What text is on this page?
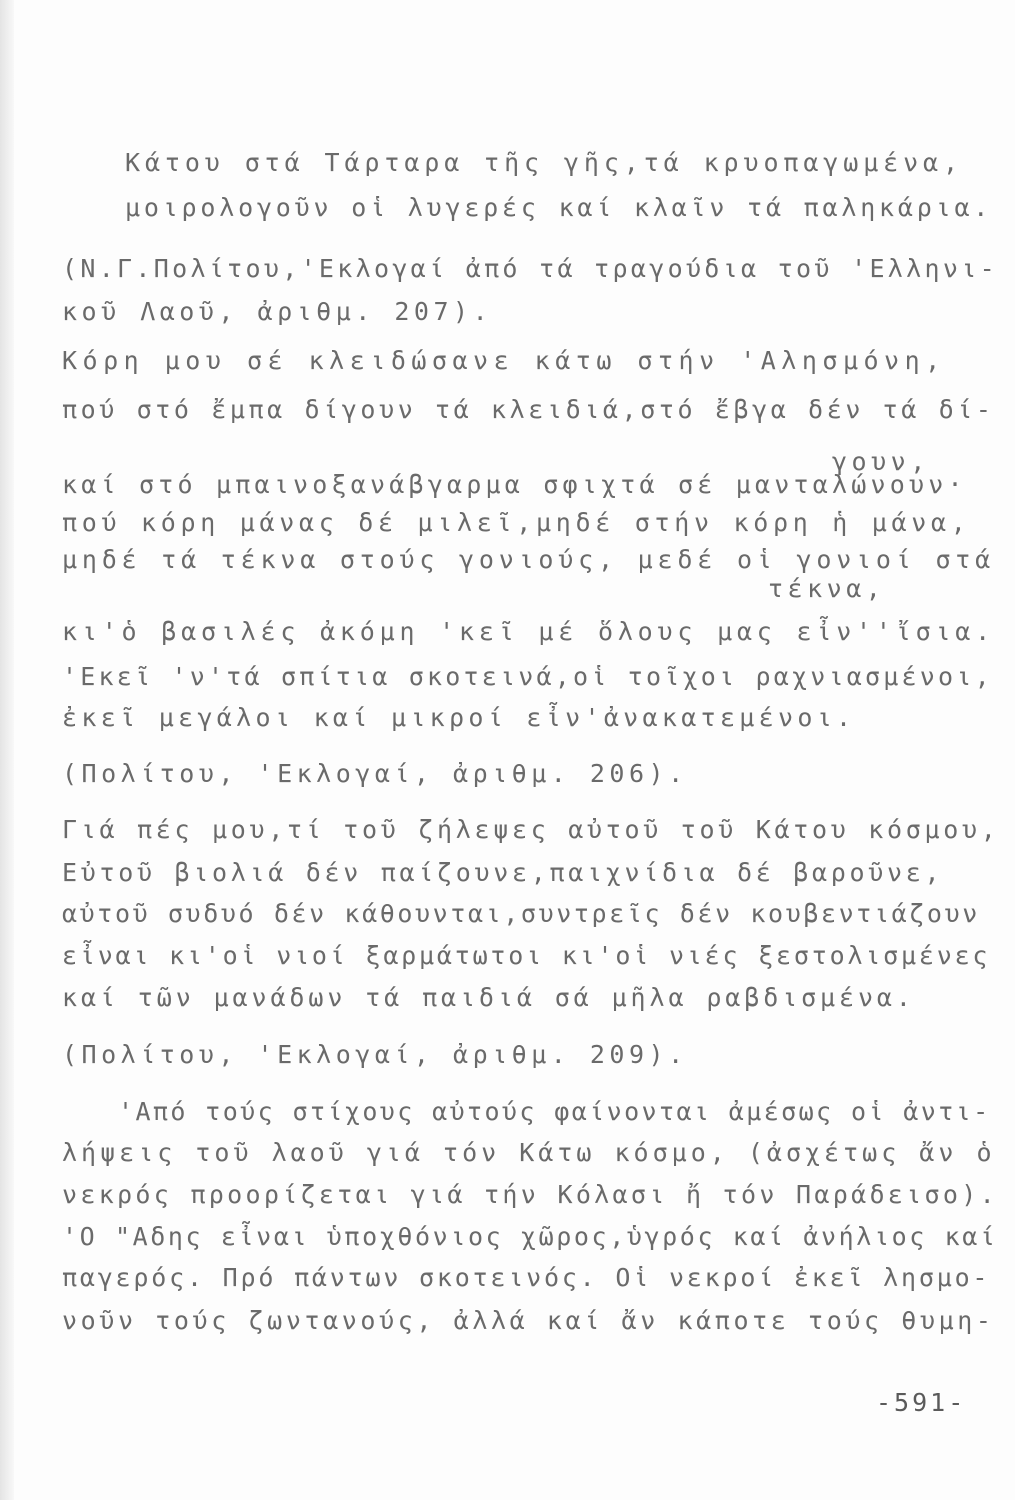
Κάτου στά Τάρταρα τῆς γῆς,τά κρυοπαγωμένα,
μοιρολογοῦν οἱ λυγερές καί κλαῖν τά παληκάρια.
(Ν.Γ.Πολίτου,'Εκλογαί ἀπό τά τραγούδια τοῦ 'Ελληνι-
κοῦ Λαοῦ, ἀριθμ. 207).
Κόρη μου σέ κλειδώσανε κάτω στήν 'Αλησμόνη,
πού στό ἔμπα δίγουν τά κλειδιά,στό ἔβγα δέν τά δί-
γουν,
καί στό μπαινοξανάβγαρμα σφιχτά σέ μανταλώνουν·
πού κόρη μάνας δέ μιλεῖ,μηδέ στήν κόρη ἡ μάνα,
μηδέ τά τέκνα στούς γονιούς, μεδέ οἱ γονιοί στά
τέκνα,
κι'ὁ βασιλές ἀκόμη 'κεῖ μέ ὅλους μας εἶν''ἴσια.
'Εκεῖ 'ν'τά σπίτια σκοτεινά,οἱ τοῖχοι ραχνιασμένοι,
ἐκεῖ μεγάλοι καί μικροί εἶν'ἀνακατεμένοι.
(Πολίτου, 'Εκλογαί, ἀριθμ. 206).
Γιά πές μου,τί τοῦ ζήλεψες αὐτοῦ τοῦ Κάτου κόσμου,
Εὐτοῦ βιολιά δέν παίζουνε,παιχνίδια δέ βαροῦνε,
αὐτοῦ συδυό δέν κάθουνται,συντρεῖς δέν κουβεντιάζουν
εἶναι κι'οἱ νιοί ξαρμάτωτοι κι'οἱ νιές ξεστολισμένες
καί τῶν μανάδων τά παιδιά σά μῆλα ραβδισμένα.
(Πολίτου, 'Εκλογαί, ἀριθμ. 209).
'Από τούς στίχους αὐτούς φαίνονται ἀμέσως οἱ ἀντι-
λήψεις τοῦ λαοῦ γιά τόν Κάτω κόσμο, (ἀσχέτως ἄν ὁ
νεκρός προορίζεται γιά τήν Κόλασι ἤ τόν Παράδεισο).
'Ο "Αδης εἶναι ὑποχθόνιος χῶρος,ὑγρός καί ἀνήλιος καί
παγερός. Πρό πάντων σκοτεινός. Οἱ νεκροί ἐκεῖ λησμο-
νοῦν τούς ζωντανούς, ἀλλά καί ἄν κάποτε τούς θυμη-
-591-
